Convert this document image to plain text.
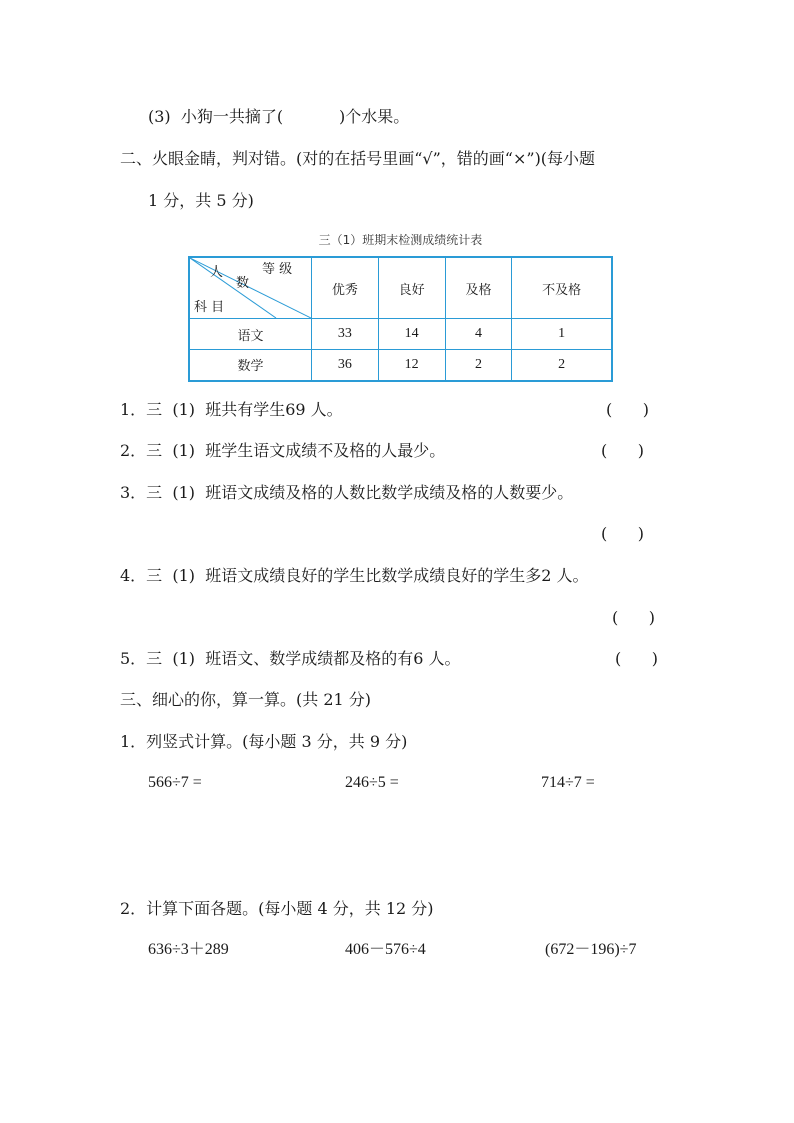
(3)  小狗一共摘了(           )个水果。
二、火眼金睛，判对错。(对的在括号里画“√”，错的画“×”)(每小题
1 分，共 5 分)
三（1）班期末检测成绩统计表
等 级
人
数
科 目	优秀	良好	及格	不及格
语文	33	14	4	1
数学	36	12	2	2
1．三  (1)  班共有学生69 人。	(      )
2．三  (1)  班学生语文成绩不及格的人最少。	(      )
3．三  (1)  班语文成绩及格的人数比数学成绩及格的人数要少。
(      )
4．三  (1)  班语文成绩良好的学生比数学成绩良好的学生多2 人。
(      )
5．三  (1)  班语文、数学成绩都及格的有6 人。	(      )
三、细心的你，算一算。(共 21 分)
1．列竖式计算。(每小题 3 分，共 9 分)
566÷7 =	246÷5 =	714÷7 =
2．计算下面各题。(每小题 4 分，共 12 分)
636÷3＋289	406－576÷4	(672－196)÷7
